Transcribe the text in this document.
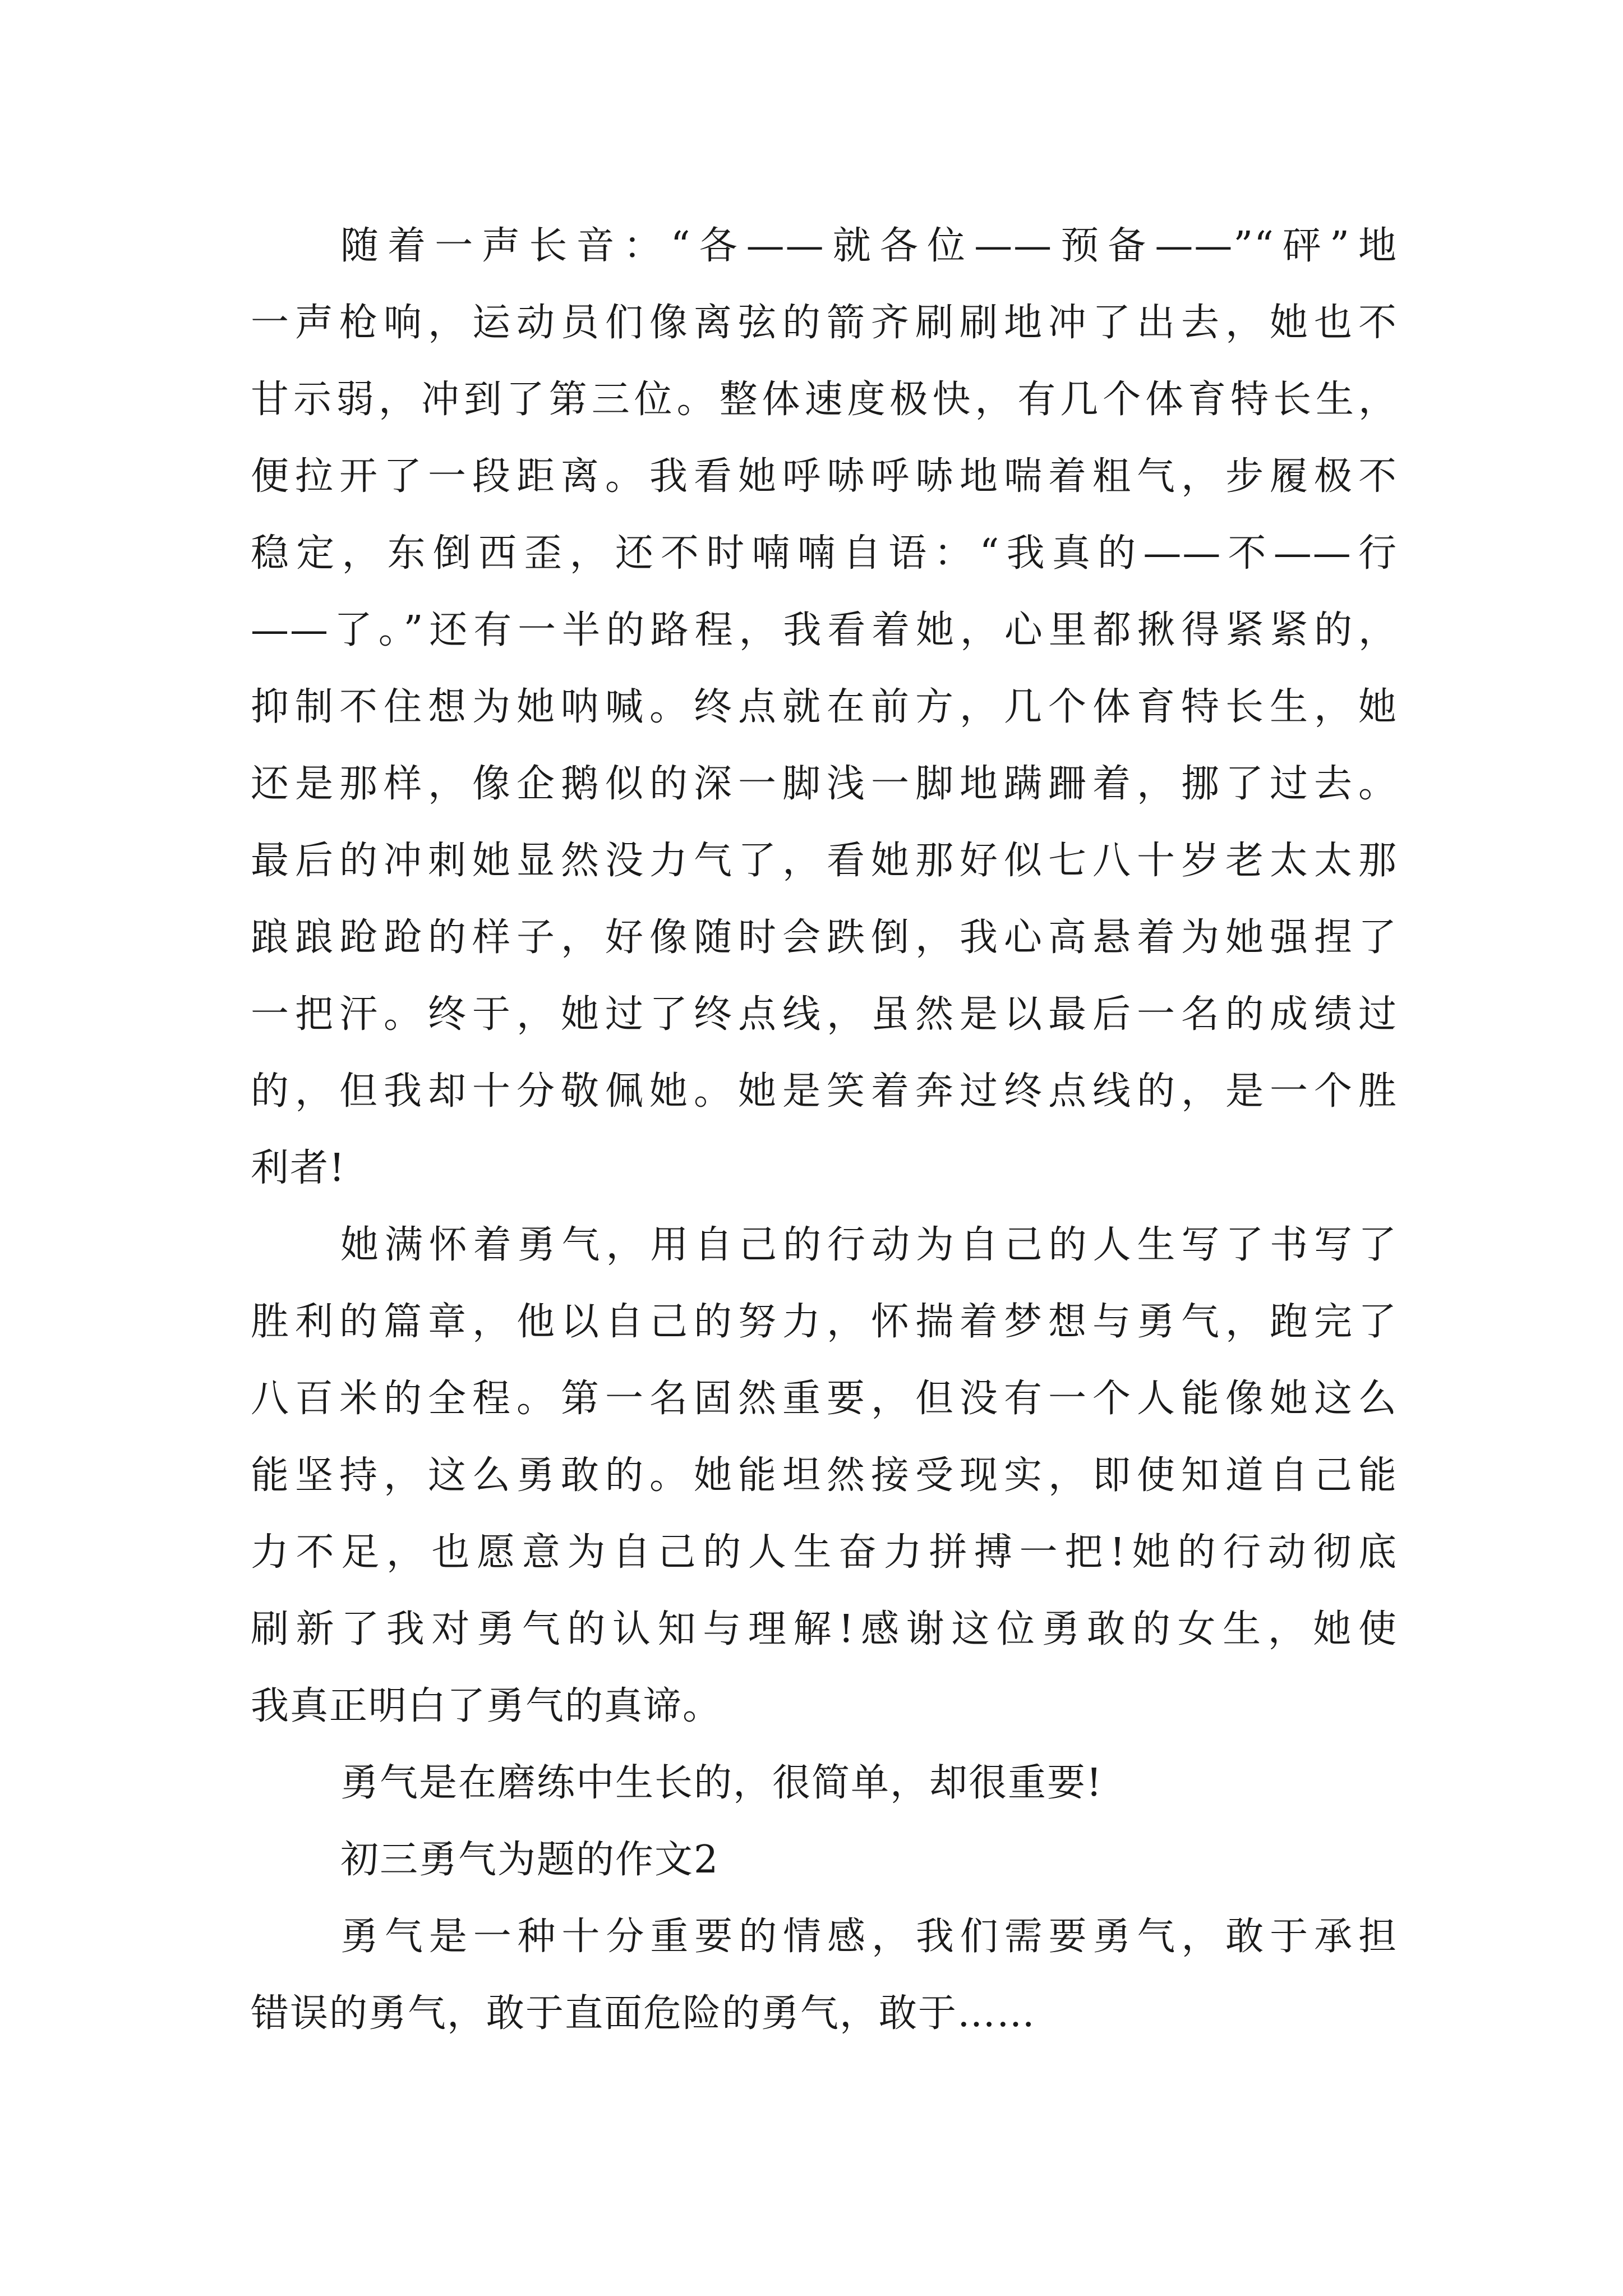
随着一声长音：“各——就各位——预备——”“砰”地
一声枪响，运动员们像离弦的箭齐刷刷地冲了出去，她也不
甘示弱，冲到了第三位。整体速度极快，有几个体育特长生，
便拉开了一段距离。我看她呼哧呼哧地喘着粗气，步履极不
稳定，东倒西歪，还不时喃喃自语：“我真的——不——行
——了。”还有一半的路程，我看着她，心里都揪得紧紧的，
抑制不住想为她呐喊。终点就在前方，几个体育特长生，她
还是那样，像企鹅似的深一脚浅一脚地蹒跚着，挪了过去。
最后的冲刺她显然没力气了，看她那好似七八十岁老太太那
踉踉跄跄的样子，好像随时会跌倒，我心高悬着为她强捏了
一把汗。终于，她过了终点线，虽然是以最后一名的成绩过
的，但我却十分敬佩她。她是笑着奔过终点线的，是一个胜
利者!
她满怀着勇气，用自己的行动为自己的人生写了书写了
胜利的篇章，他以自己的努力，怀揣着梦想与勇气，跑完了
八百米的全程。第一名固然重要，但没有一个人能像她这么
能坚持，这么勇敢的。她能坦然接受现实，即使知道自己能
力不足，也愿意为自己的人生奋力拼搏一把!她的行动彻底
刷新了我对勇气的认知与理解!感谢这位勇敢的女生，她使
我真正明白了勇气的真谛。
勇气是在磨练中生长的，很简单，却很重要!
初三勇气为题的作文2
勇气是一种十分重要的情感，我们需要勇气，敢于承担
错误的勇气，敢于直面危险的勇气，敢于……
